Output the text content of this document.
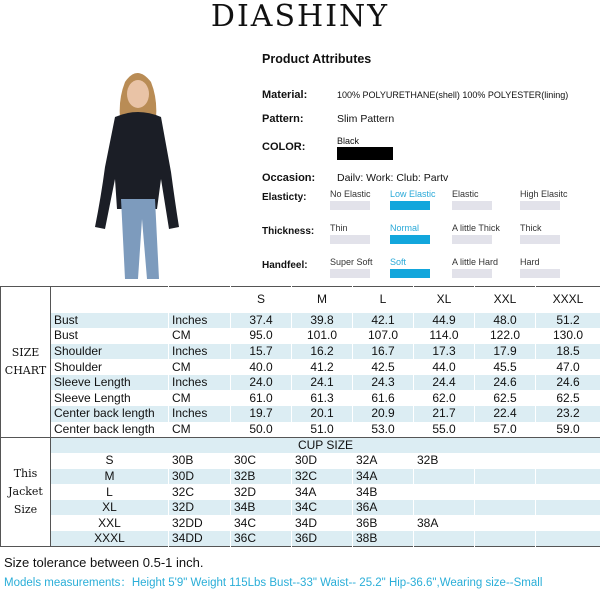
DIASHINY
Product Attributes
Material:	100% POLYURETHANE(shell) 100% POLYESTER(lining)
Pattern:	Slim Pattern
COLOR:	Black
Occasion: Dailv: Work: Club: Partv
Elasticty:	No Elastic Low Elastic Elastic	High Elasitc
Thickness: Thin	Normal	A little Thick Thick
Handfeel: Super Soft Soft	A little Hard Hard
SIZE CHART			S	M	L	XL	XXL	XXXL
	Bust	Inches	37.4	39.8	42.1	44.9	48.0	51.2
	Bust	CM	95.0	101.0	107.0	114.0	122.0	130.0
	Shoulder	Inches	15.7	16.2	16.7	17.3	17.9	18.5
	Shoulder	CM	40.0	41.2	42.5	44.0	45.5	47.0
	Sleeve Length	Inches	24.0	24.1	24.3	24.4	24.6	24.6
	Sleeve Length	CM	61.0	61.3	61.6	62.0	62.5	62.5
	Center back length	Inches	19.7	20.1	20.9	21.7	22.4	23.2
	Center back length	CM	50.0	51.0	53.0	55.0	57.0	59.0
This Jacket Size	CUP SIZE							
	S	30B	30C	30D	32A	32B		
	M	30D	32B	32C	34A			
	L	32C	32D	34A	34B			
	XL	32D	34B	34C	36A			
	XXL	32DD	34C	34D	36B	38A		
	XXXL	34DD	36C	36D	38B			
Size tolerance between 0.5-1 inch.
Models measurements：Height 5'9" Weight 115Lbs Bust--33" Waist-- 25.2" Hip-36.6",Wearing size--Small
